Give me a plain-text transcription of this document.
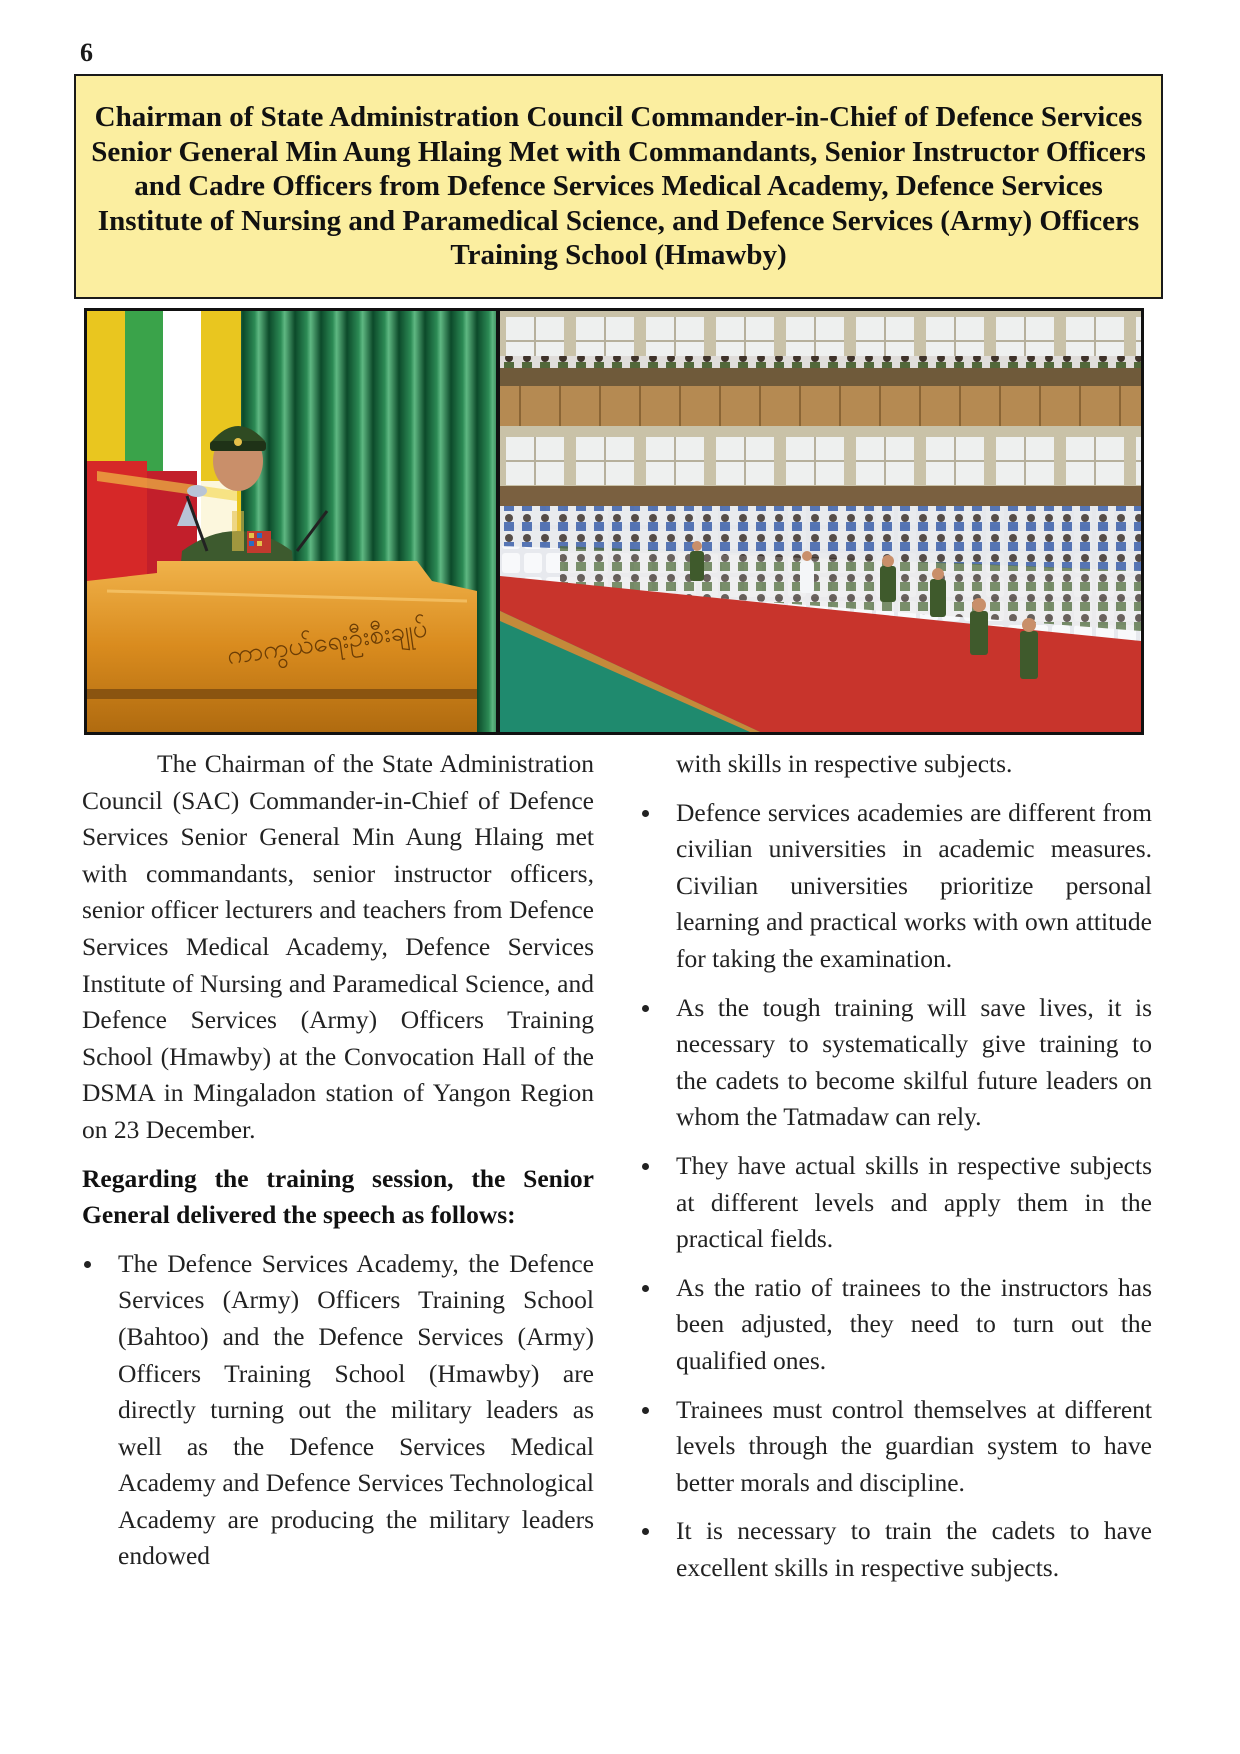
6
Chairman of State Administration Council Commander-in-Chief of Defence Services Senior General Min Aung Hlaing Met with Commandants, Senior Instructor Officers and Cadre Officers from Defence Services Medical Academy, Defence Services Institute of Nursing and Paramedical Science, and Defence Services (Army) Officers Training School (Hmawby)
ကာကွယ်ရေးဦးစီးချုပ်

The Chairman of the State Administration Council (SAC) Commander-in-Chief of Defence Services Senior General Min Aung Hlaing met with commandants, senior instructor officers, senior officer lecturers and teachers from Defence Services Medical Academy, Defence Services Institute of Nursing and Paramedical Science, and Defence Services (Army) Officers Training School (Hmawby) at the Convocation Hall of the DSMA in Mingaladon station of Yangon Region on 23 December.

Regarding the training session, the Senior General delivered the speech as follows:

The Defence Services Academy, the Defence Services (Army) Officers Training School (Bahtoo) and the Defence Services (Army) Officers Training School (Hmawby) are directly turning out the military leaders as well as the Defence Services Medical Academy and Defence Services Technological Academy are producing the military leaders endowed

with skills in respective subjects.

Defence services academies are different from civilian universities in academic measures. Civilian universities prioritize personal learning and practical works with own attitude for taking the examination.
As the tough training will save lives, it is necessary to systematically give training to the cadets to become skilful future leaders on whom the Tatmadaw can rely.
They have actual skills in respective subjects at different levels and apply them in the practical fields.
As the ratio of trainees to the instructors has been adjusted, they need to turn out the qualified ones.
Trainees must control themselves at different levels through the guardian system to have better morals and discipline.
It is necessary to train the cadets to have excellent skills in respective subjects.
